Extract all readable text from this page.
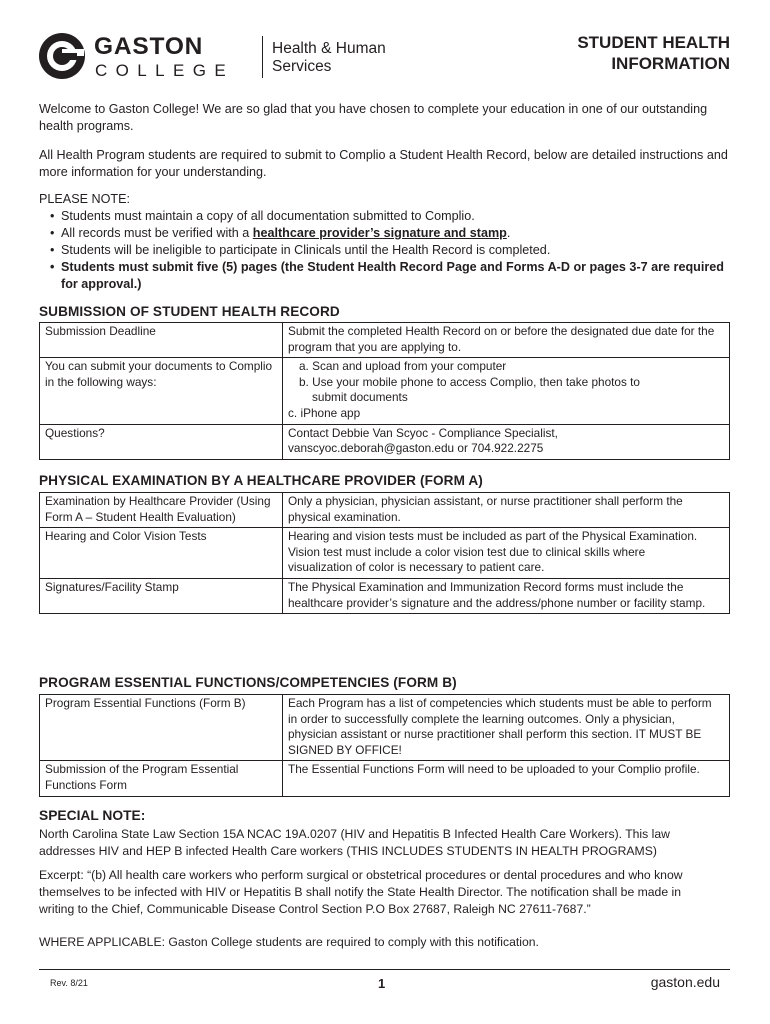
GASTON
COLLEGE
Health & Human
Services
STUDENT HEALTH
INFORMATION
Welcome to Gaston College! We are so glad that you have chosen to complete your education in one of our outstanding health programs.
All Health Program students are required to submit to Complio a Student Health Record, below are detailed instructions and more information for your understanding.
PLEASE NOTE:
• Students must maintain a copy of all documentation submitted to Complio.
• All records must be verified with a healthcare provider’s signature and stamp.
• Students will be ineligible to participate in Clinicals until the Health Record is completed.
• Students must submit five (5) pages (the Student Health Record Page and Forms A-D or pages 3-7 are required for approval.)
SUBMISSION OF STUDENT HEALTH RECORD
Submission Deadline	Submit the completed Health Record on or before the designated due date for the program that you are applying to.
You can submit your documents to Complio in the following ways:	a. Scan and upload from your computer
b. Use your mobile phone to access Complio, then take photos to
submit documents
c. iPhone app

Questions?	Contact Debbie Van Scyoc - Compliance Specialist,
vanscyoc.deborah@gaston.edu or 704.922.2275
PHYSICAL EXAMINATION BY A HEALTHCARE PROVIDER (FORM A)
Examination by Healthcare Provider (Using Form A – Student Health Evaluation)	Only a physician, physician assistant, or nurse practitioner shall perform the physical examination.
Hearing and Color Vision Tests	Hearing and vision tests must be included as part of the Physical Examination. Vision test must include a color vision test due to clinical skills where
visualization of color is necessary to patient care.

Signatures/Facility Stamp	The Physical Examination and Immunization Record forms must include the healthcare provider’s signature and the address/phone number or facility stamp.
PROGRAM ESSENTIAL FUNCTIONS/COMPETENCIES (FORM B)
Program Essential Functions (Form B)	Each Program has a list of competencies which students must be able to perform in order to successfully complete the learning outcomes. Only a physician, physician assistant or nurse practitioner shall perform this section. IT MUST BE SIGNED BY OFFICE!
Submission of the Program Essential Functions Form	The Essential Functions Form will need to be uploaded to your Complio profile.
SPECIAL NOTE:
North Carolina State Law Section 15A NCAC 19A.0207 (HIV and Hepatitis B Infected Health Care Workers). This law addresses HIV and HEP B infected Health Care workers (THIS INCLUDES STUDENTS IN HEALTH PROGRAMS)
Excerpt: “(b) All health care workers who perform surgical or obstetrical procedures or dental procedures and who know themselves to be infected with HIV or Hepatitis B shall notify the State Health Director. The notification shall be made in
writing to the Chief, Communicable Disease Control Section P.O Box 27687, Raleigh NC 27611-7687.”
WHERE APPLICABLE: Gaston College students are required to comply with this notification.
Rev. 8/21	1	gaston.edu
